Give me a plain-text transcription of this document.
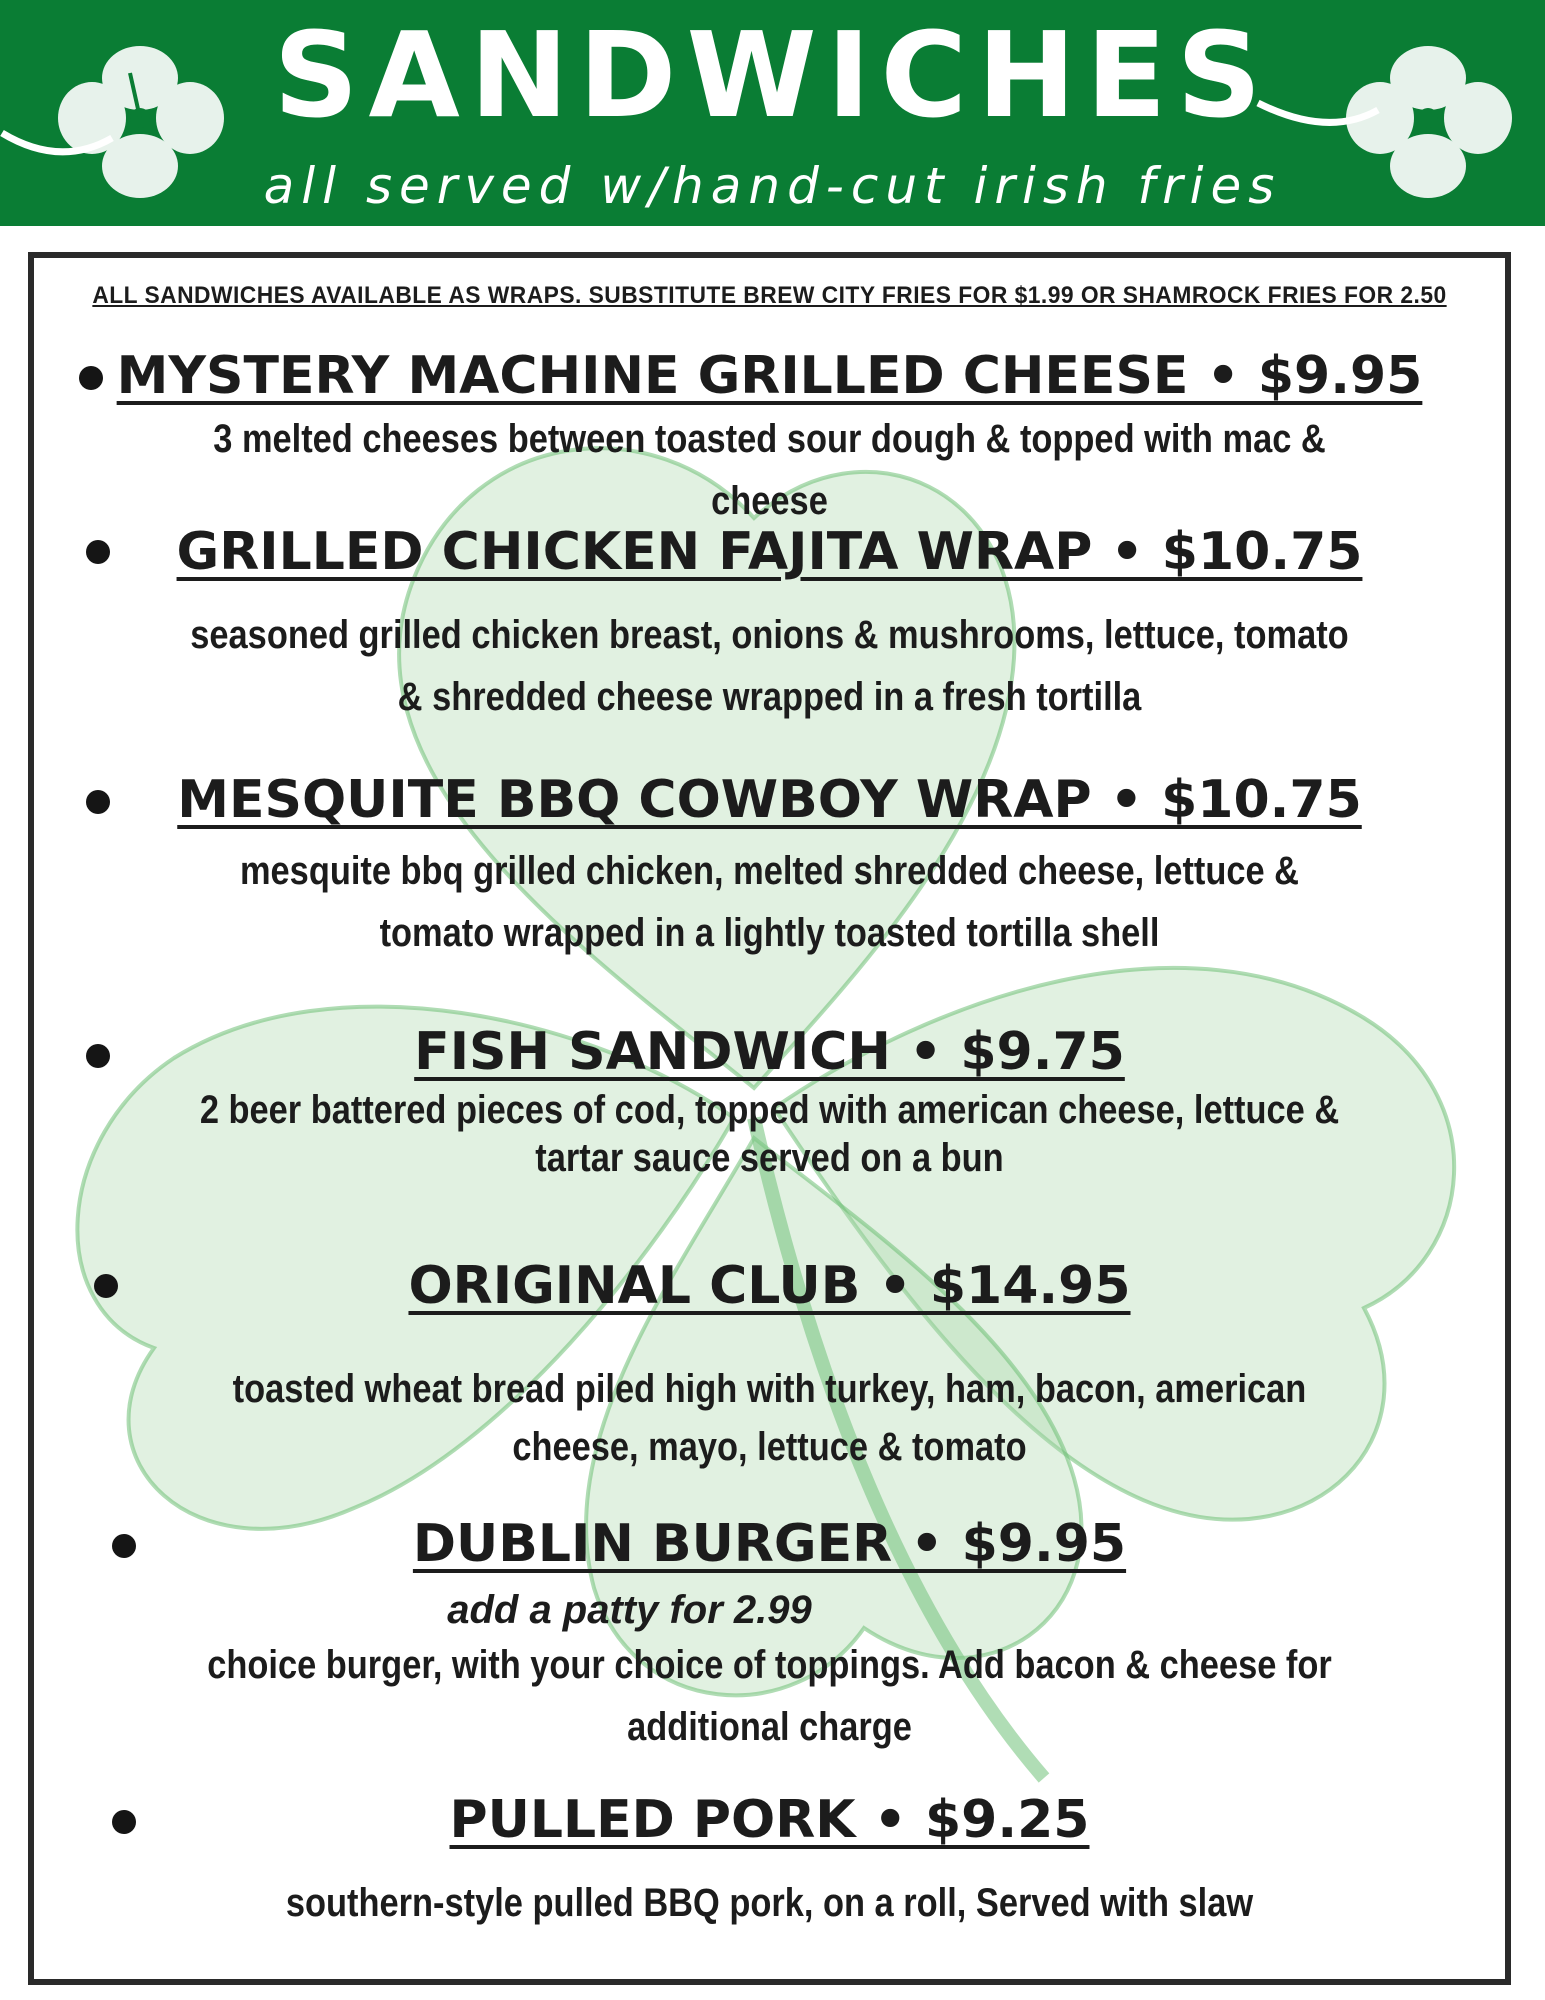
SANDWICHES
all served w/hand-cut irish fries
ALL SANDWICHES AVAILABLE AS WRAPS. SUBSTITUTE BREW CITY FRIES FOR $1.99 OR SHAMROCK FRIES FOR 2.50
MYSTERY MACHINE GRILLED CHEESE • $9.95
3 melted cheeses between toasted sour dough & topped with mac & cheese
GRILLED CHICKEN FAJITA WRAP • $10.75
seasoned grilled chicken breast, onions & mushrooms, lettuce, tomato & shredded cheese wrapped in a fresh tortilla
MESQUITE BBQ COWBOY WRAP • $10.75
mesquite bbq grilled chicken, melted shredded cheese, lettuce & tomato wrapped in a lightly toasted tortilla shell
FISH SANDWICH • $9.75
2 beer battered pieces of cod, topped with american cheese, lettuce & tartar sauce served on a bun
ORIGINAL CLUB • $14.95
toasted wheat bread piled high with turkey, ham, bacon, american cheese, mayo, lettuce & tomato
DUBLIN BURGER • $9.95
add a patty for 2.99
choice burger, with your choice of toppings. Add bacon & cheese for additional charge
PULLED PORK • $9.25
southern-style pulled BBQ pork, on a roll, Served with slaw
